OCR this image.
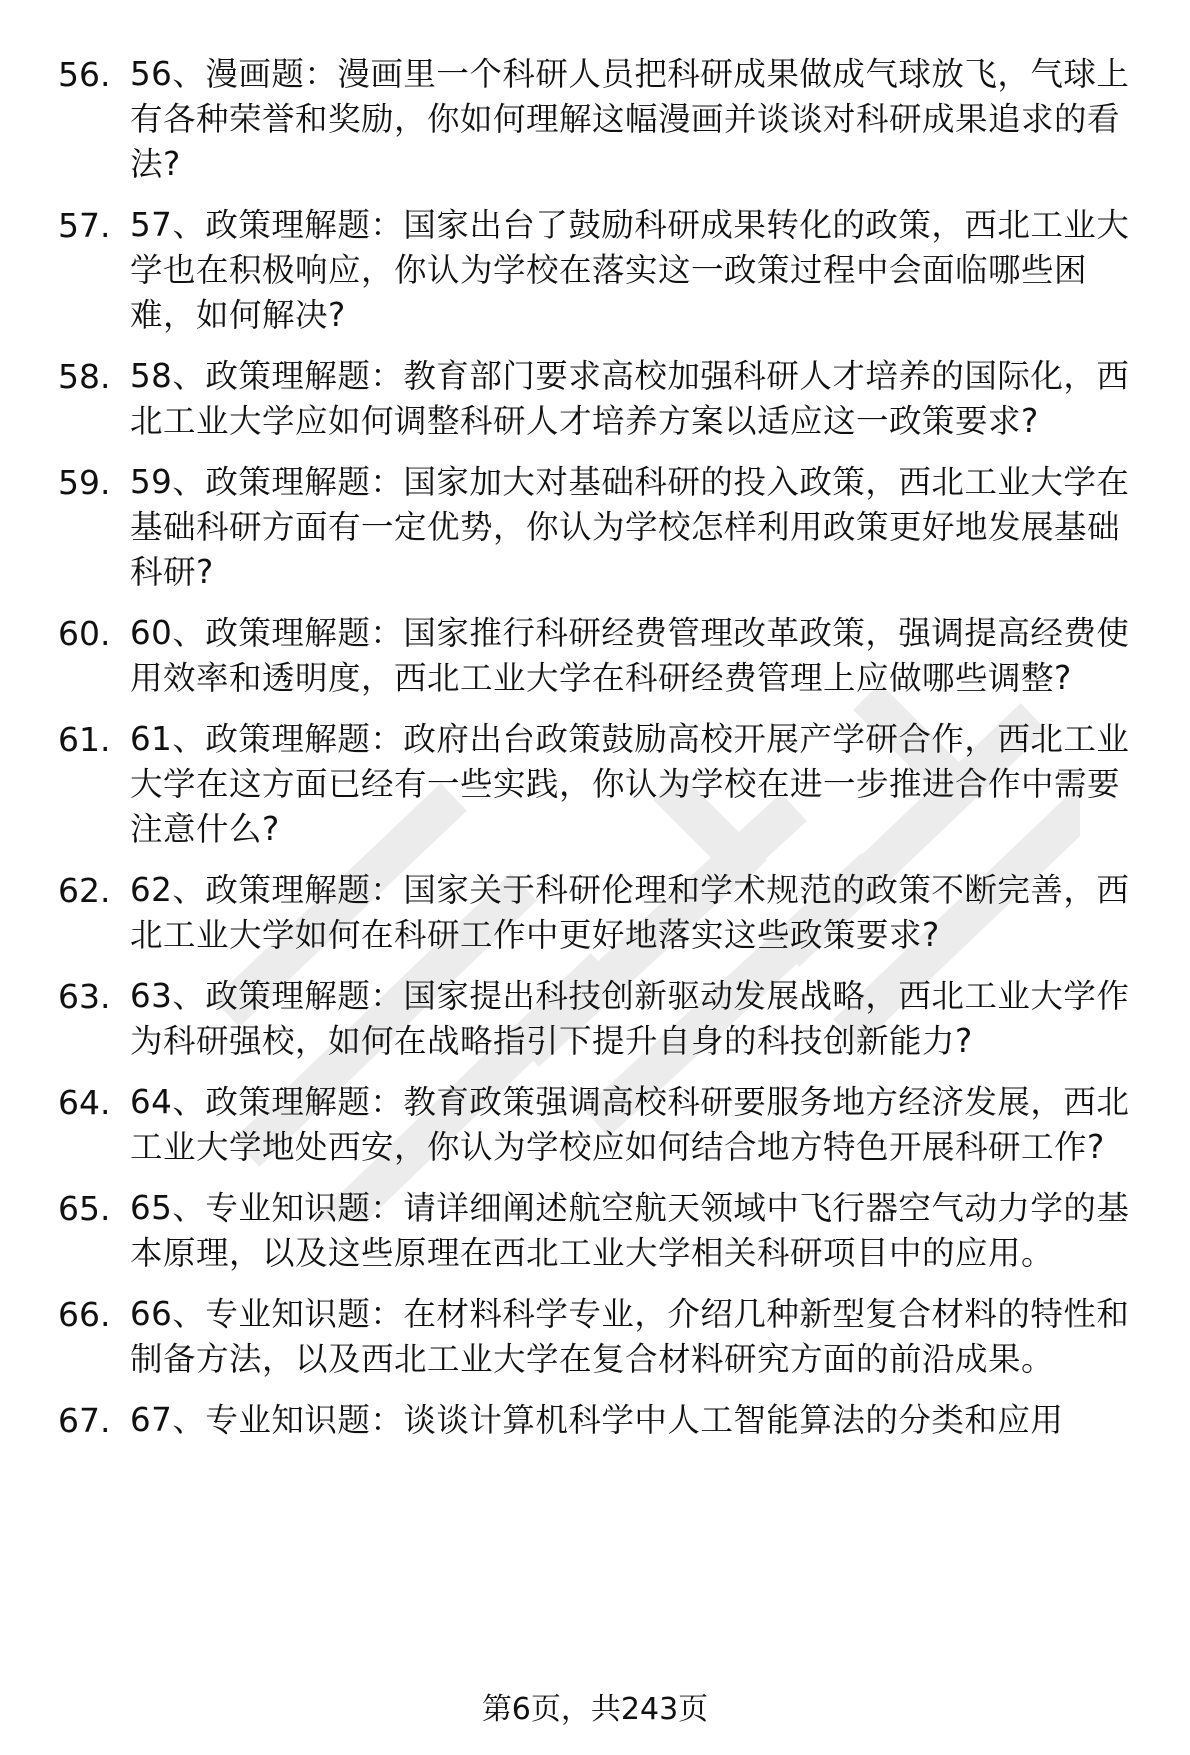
56. 56、漫画题：漫画里一个科研人员把科研成果做成气球放飞，气球上有各种荣誉和奖励，你如何理解这幅漫画并谈谈对科研成果追求的看法?
57. 57、政策理解题：国家出台了鼓励科研成果转化的政策，西北工业大学也在积极响应，你认为学校在落实这一政策过程中会面临哪些困难，如何解决?
58. 58、政策理解题：教育部门要求高校加强科研人才培养的国际化，西北工业大学应如何调整科研人才培养方案以适应这一政策要求?
59. 59、政策理解题：国家加大对基础科研的投入政策，西北工业大学在基础科研方面有一定优势，你认为学校怎样利用政策更好地发展基础科研?
60. 60、政策理解题：国家推行科研经费管理改革政策，强调提高经费使用效率和透明度，西北工业大学在科研经费管理上应做哪些调整?
61. 61、政策理解题：政府出台政策鼓励高校开展产学研合作，西北工业大学在这方面已经有一些实践，你认为学校在进一步推进合作中需要注意什么?
62. 62、政策理解题：国家关于科研伦理和学术规范的政策不断完善，西北工业大学如何在科研工作中更好地落实这些政策要求?
63. 63、政策理解题：国家提出科技创新驱动发展战略，西北工业大学作为科研强校，如何在战略指引下提升自身的科技创新能力?
64. 64、政策理解题：教育政策强调高校科研要服务地方经济发展，西北工业大学地处西安，你认为学校应如何结合地方特色开展科研工作?
65. 65、专业知识题：请详细阐述航空航天领域中飞行器空气动力学的基本原理，以及这些原理在西北工业大学相关科研项目中的应用。
66. 66、专业知识题：在材料科学专业，介绍几种新型复合材料的特性和制备方法，以及西北工业大学在复合材料研究方面的前沿成果。
67. 67、专业知识题：谈谈计算机科学中人工智能算法的分类和应用
第6页，共243页
